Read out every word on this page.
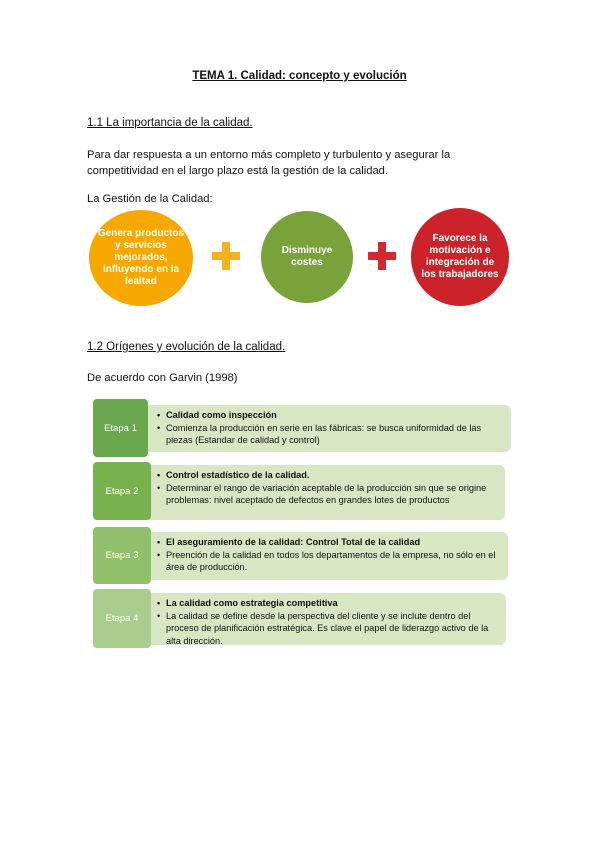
TEMA 1. Calidad: concepto y evolución
1.1 La importancia de la calidad.
Para dar respuesta a un entorno más completo y turbulento y asegurar la
competitividad en el largo plazo está la gestión de la calidad.
La Gestión de la Calidad:
Genera productos y servicios mejorados, influyendo en la lealtad
Disminuye costes
Favorece la motivación e integración de los trabajadores
1.2 Orígenes y evolución de la calidad.
De acuerdo con Garvin (1998)
• Calidad como inspección
• Comienza la producción en serie en las fábricas: se busca uniformidad de las piezas (Estandar de calidad y control)
Etapa 1
• Control estadístico de la calidad.
• Determinar el rango de variación aceptable de la producción sin que se origine problemas: nivel aceptado de defectos en grandes lotes de productos
Etapa 2
• El aseguramiento de la calidad: Control Total de la calidad
• Preención de la calidad en todos los departamentos de la empresa, no sólo en el área de producción.
Etapa 3
• La calidad como estrategia competitiva
• La calidad se define desde la perspectiva del cliente y se inclute dentro del proceso de planificación estratégica. Es clave el papel de liderazgo activo de la alta dirección.
Etapa 4
